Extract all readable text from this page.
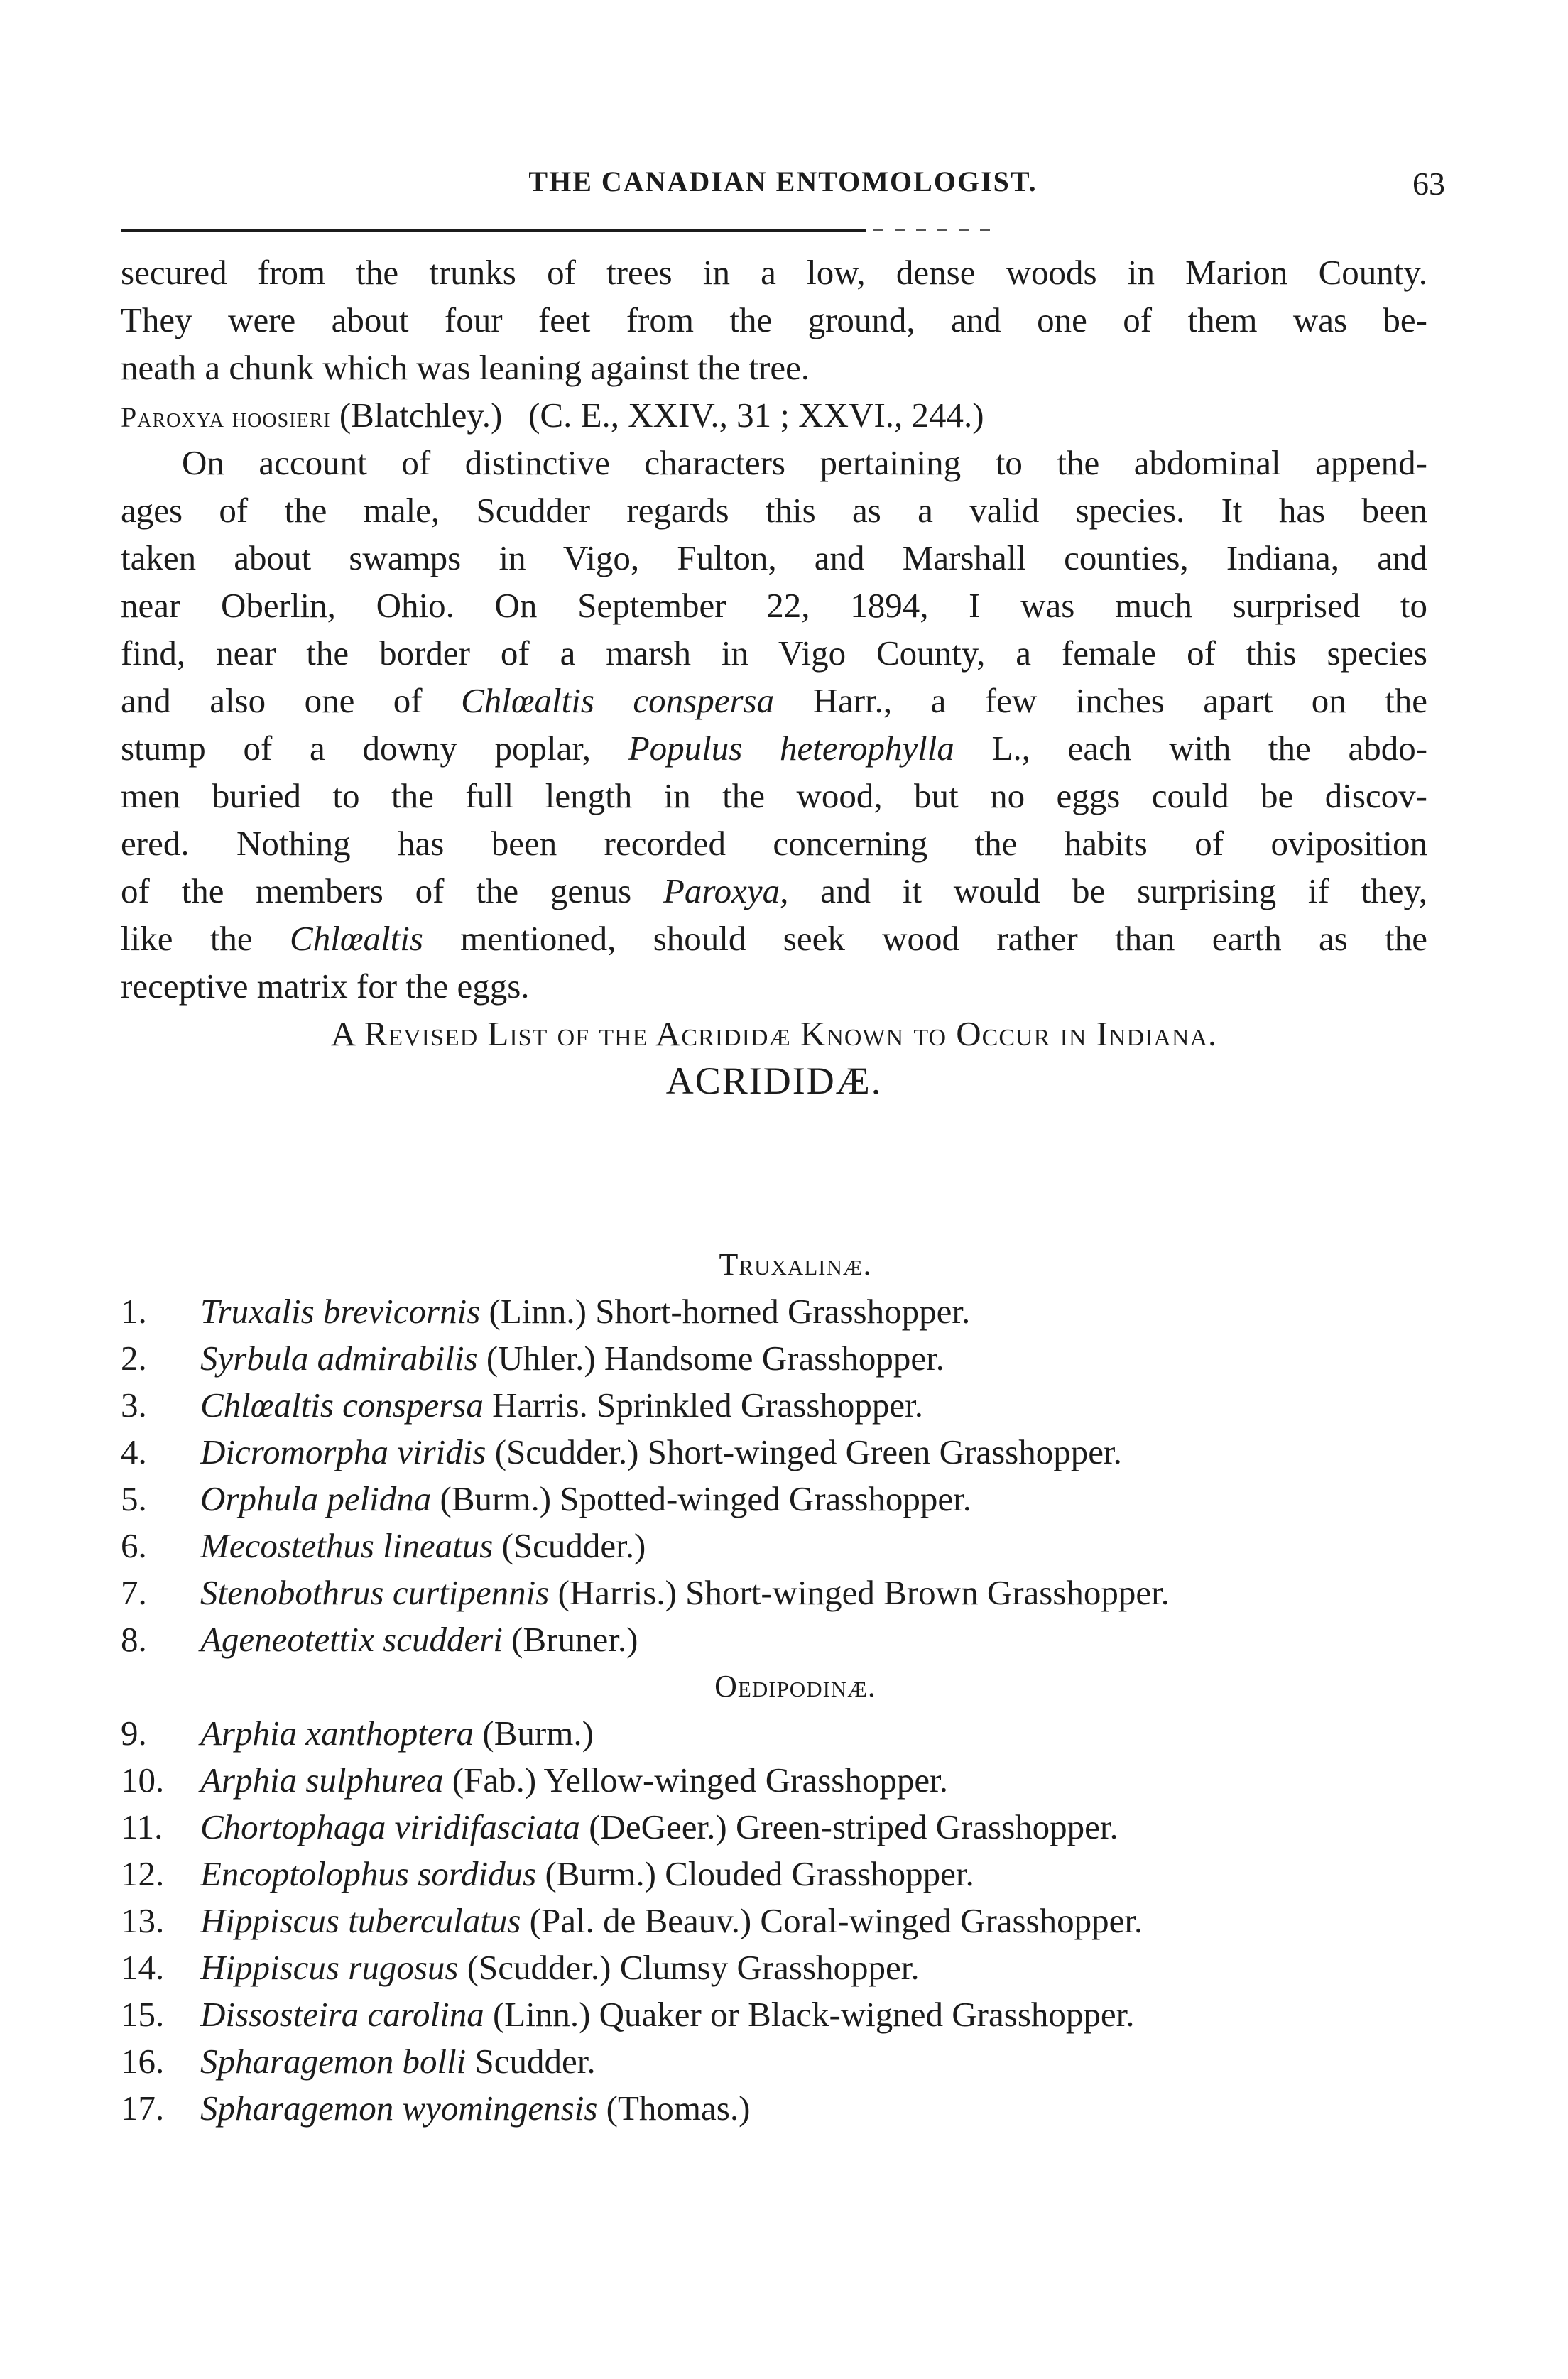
THE CANADIAN ENTOMOLOGIST.	63
secured from the trunks of trees in a low, dense woods in Marion County.
They were about four feet from the ground, and one of them was be-
neath a chunk which was leaning against the tree.
Paroxya hoosieri (Blatchley.) (C. E., XXIV., 31 ; XXVI., 244.)
On account of distinctive characters pertaining to the abdominal append-
ages of the male, Scudder regards this as a valid species. It has been
taken about swamps in Vigo, Fulton, and Marshall counties, Indiana, and
near Oberlin, Ohio. On September 22, 1894, I was much surprised to
find, near the border of a marsh in Vigo County, a female of this species
and also one of Chlœaltis conspersa Harr., a few inches apart on the
stump of a downy poplar, Populus heterophylla L., each with the abdo-
men buried to the full length in the wood, but no eggs could be discov-
ered. Nothing has been recorded concerning the habits of oviposition
of the members of the genus Paroxya, and it would be surprising if they,
like the Chlœaltis mentioned, should seek wood rather than earth as the
receptive matrix for the eggs.
A Revised List of the Acrididæ Known to Occur in Indiana.
ACRIDIDÆ.
Truxalinæ.
1. Truxalis brevicornis (Linn.) Short-horned Grasshopper.
2. Syrbula admirabilis (Uhler.) Handsome Grasshopper.
3. Chlœaltis conspersa Harris. Sprinkled Grasshopper.
4. Dicromorpha viridis (Scudder.) Short-winged Green Grasshopper.
5. Orphula pelidna (Burm.) Spotted-winged Grasshopper.
6. Mecostethus lineatus (Scudder.)
7. Stenobothrus curtipennis (Harris.) Short-winged Brown Grasshopper.
8. Ageneotettix scudderi (Bruner.)
Oedipodinæ.
9. Arphia xanthoptera (Burm.)
10. Arphia sulphurea (Fab.) Yellow-winged Grasshopper.
11. Chortophaga viridifasciata (DeGeer.) Green-striped Grasshopper.
12. Encoptolophus sordidus (Burm.) Clouded Grasshopper.
13. Hippiscus tuberculatus (Pal. de Beauv.) Coral-winged Grasshopper.
14. Hippiscus rugosus (Scudder.) Clumsy Grasshopper.
15. Dissosteira carolina (Linn.) Quaker or Black-wigned Grasshopper.
16. Spharagemon bolli Scudder.
17. Spharagemon wyomingensis (Thomas.)
